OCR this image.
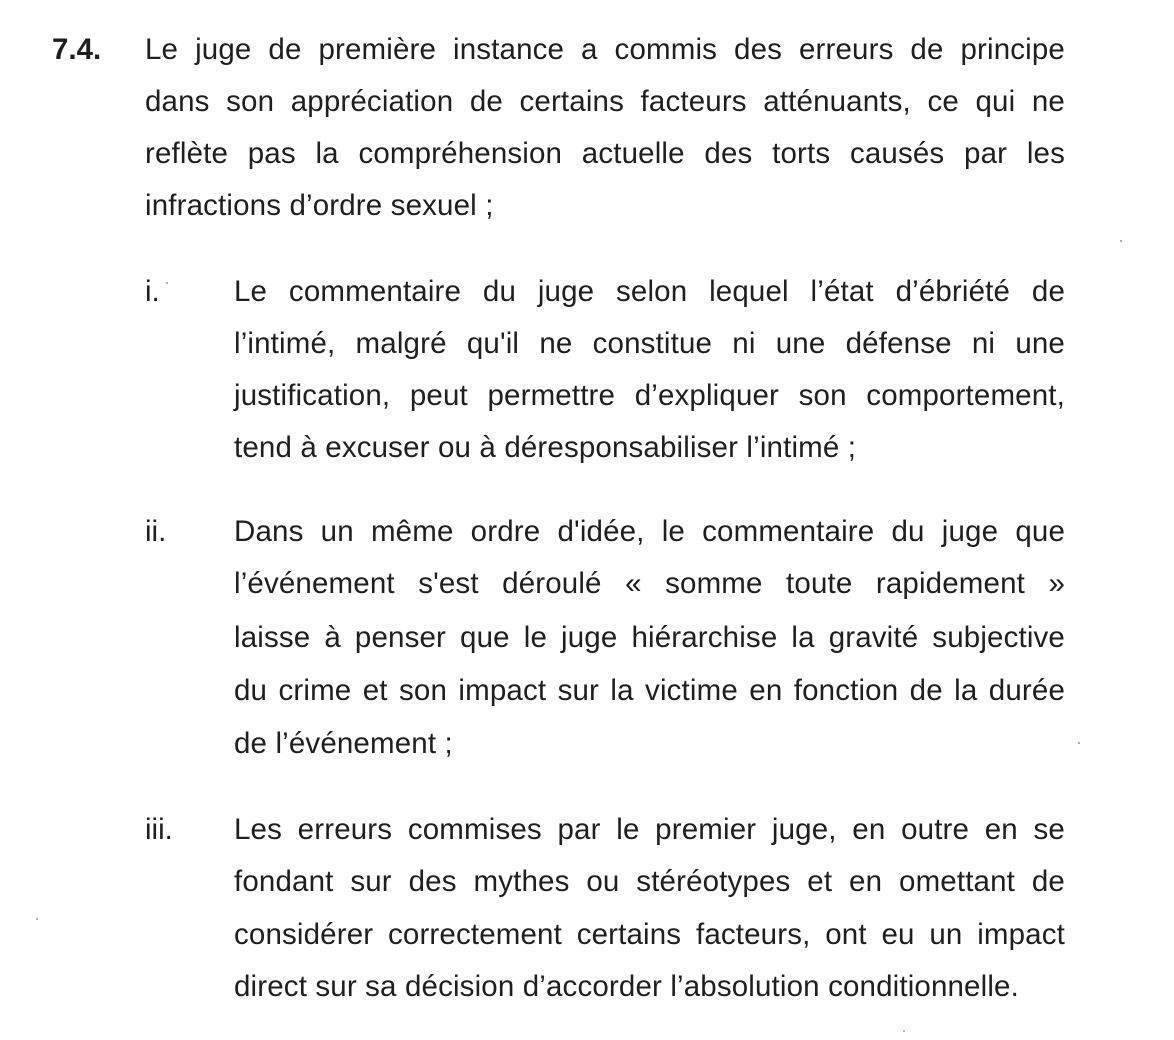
7.4. Le juge de première instance a commis des erreurs de principe
dans son appréciation de certains facteurs atténuants, ce qui ne
reflète pas la compréhension actuelle des torts causés par les
infractions d’ordre sexuel ;
i.	Le commentaire du juge selon lequel l’état d’ébriété de
l’intimé, malgré qu'il ne constitue ni une défense ni une
justification, peut permettre d’expliquer son comportement,
tend à excuser ou à déresponsabiliser l’intimé ;
ii. Dans un même ordre d'idée, le commentaire du juge que
l’événement s'est déroulé « somme toute rapidement »
laisse à penser que le juge hiérarchise la gravité subjective
du crime et son impact sur la victime en fonction de la durée
de l’événement ;
iii. Les erreurs commises par le premier juge, en outre en se
fondant sur des mythes ou stéréotypes et en omettant de
considérer correctement certains facteurs, ont eu un impact
direct sur sa décision d’accorder l’absolution conditionnelle.
